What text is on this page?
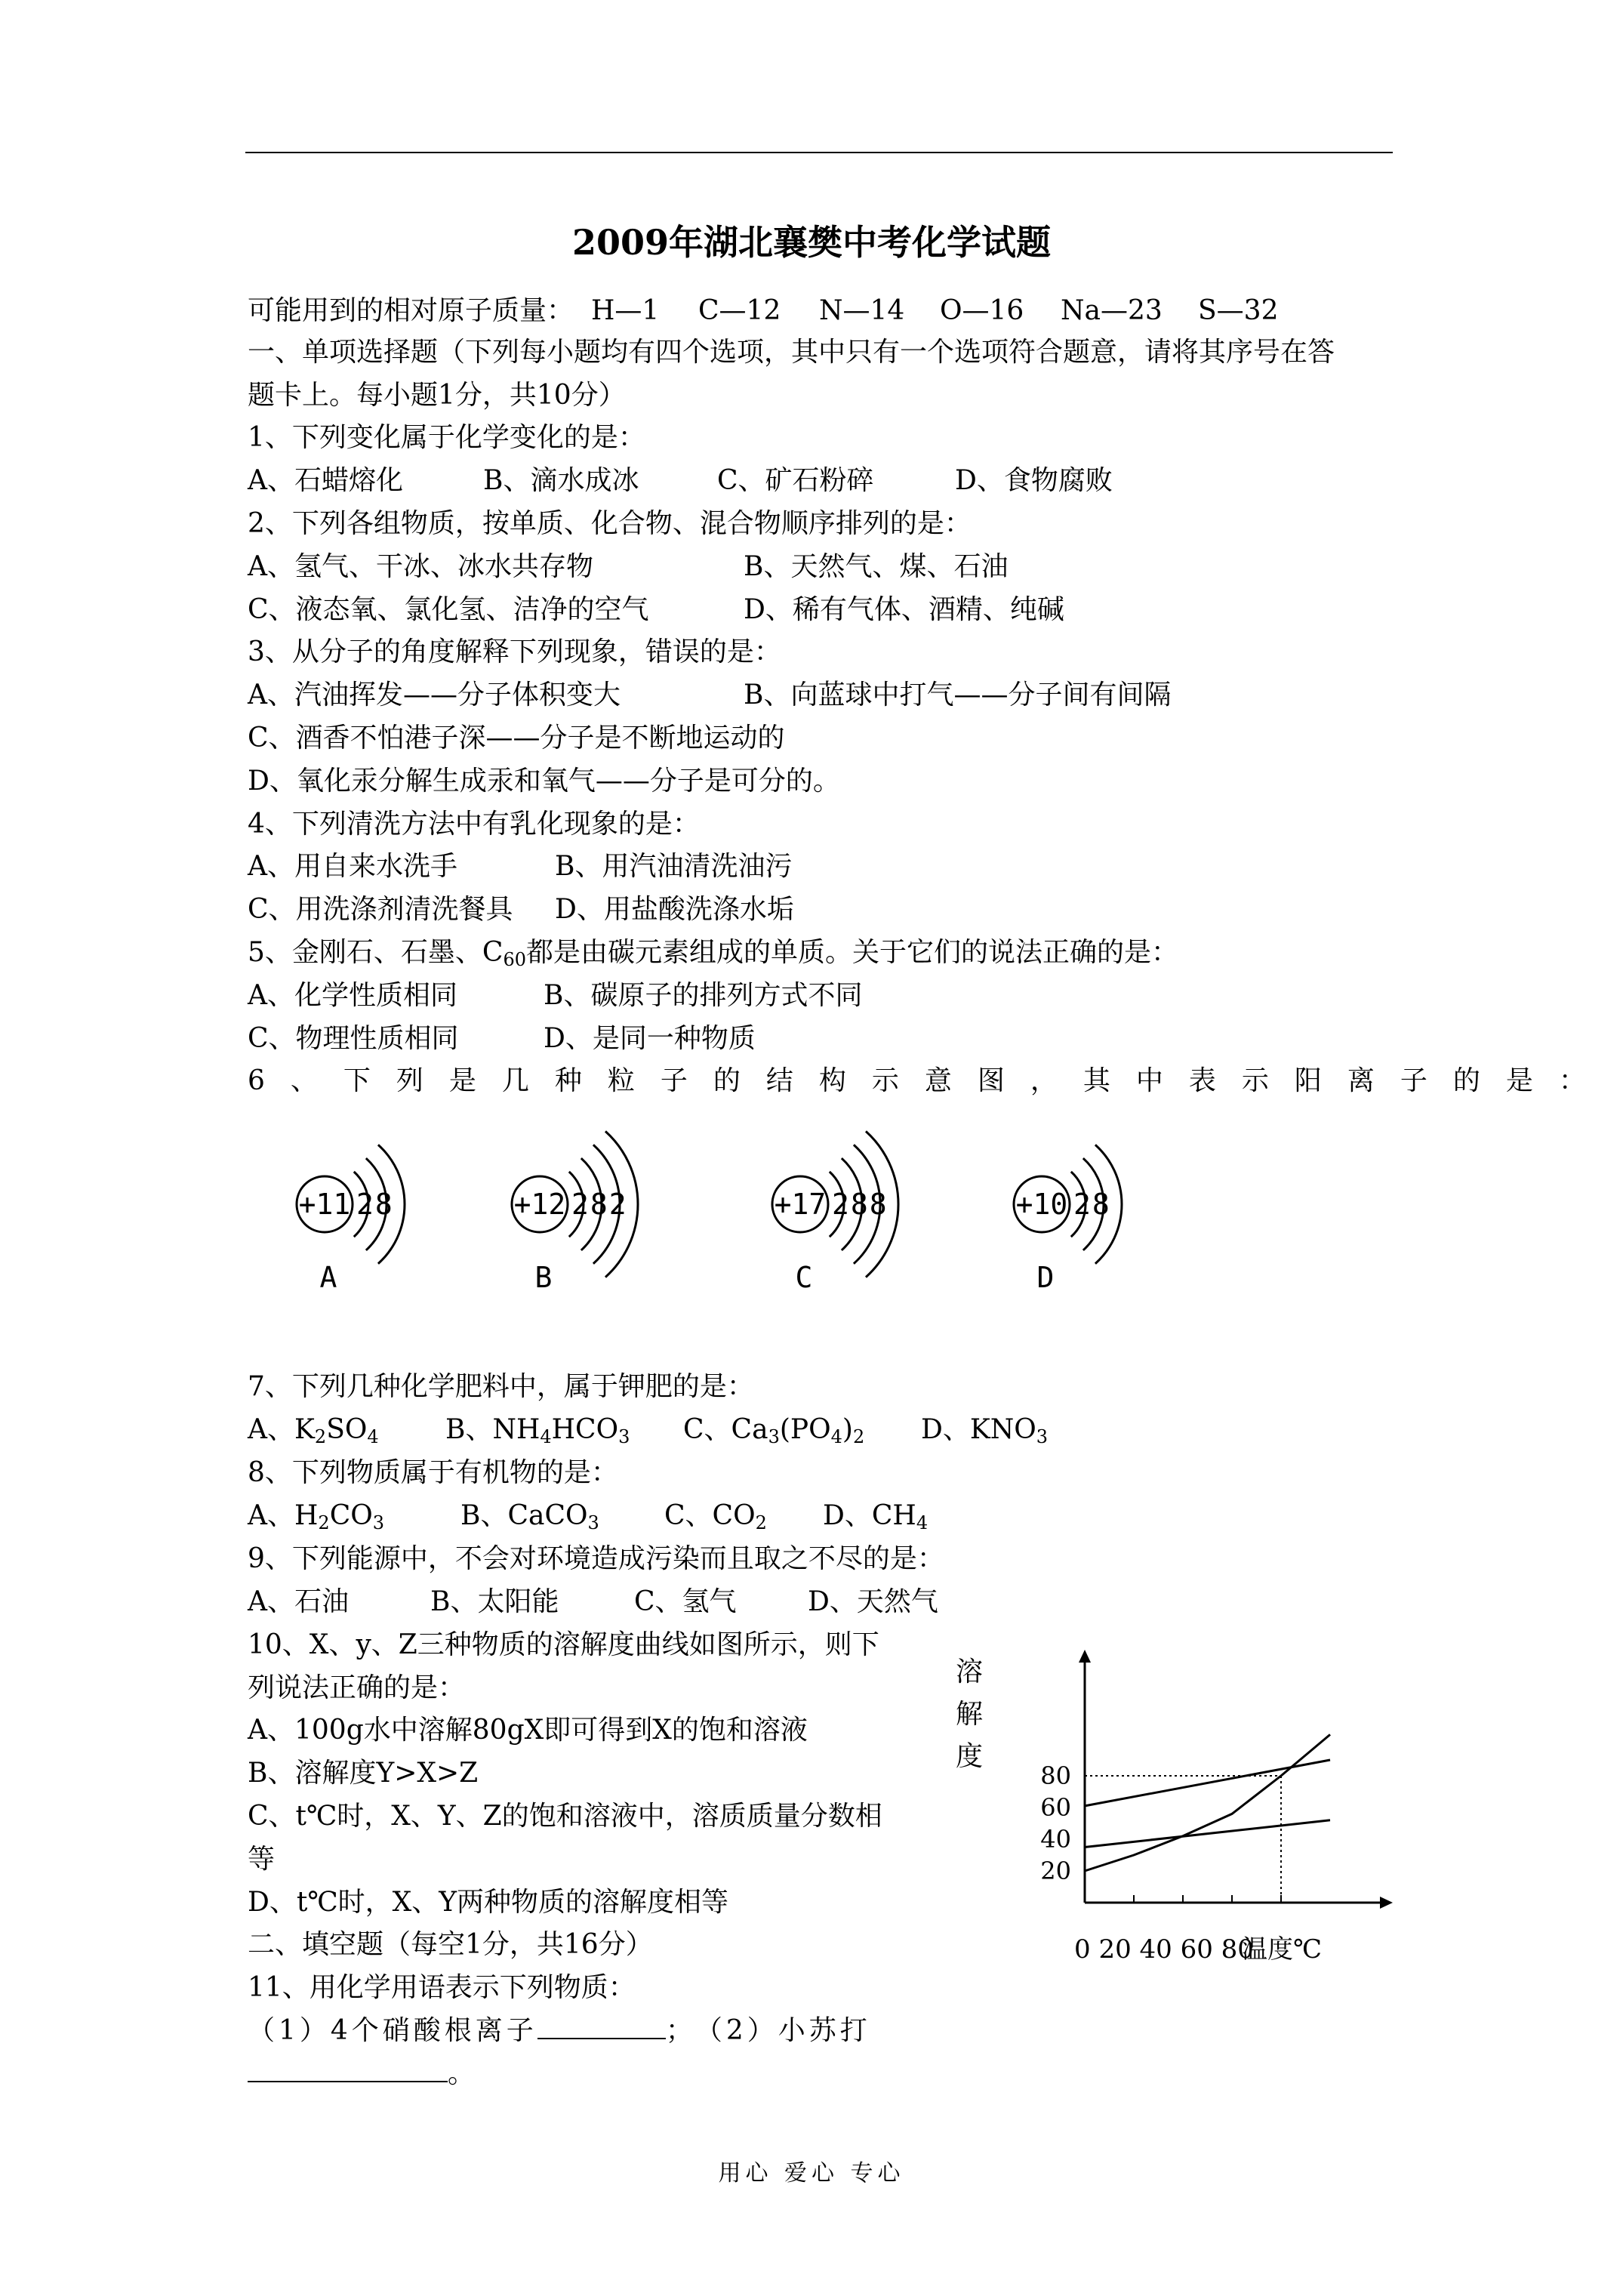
2009年湖北襄樊中考化学试题
可能用到的相对原子质量： H—1 C—12 N—14 O—16 Na—23 S—32
一、单项选择题（下列每小题均有四个选项，其中只有一个选项符合题意，请将其序号在答
题卡上。每小题1分，共10分）
1、下列变化属于化学变化的是：
A、石蜡熔化	B、滴水成冰	C、矿石粉碎	D、食物腐败
2、下列各组物质，按单质、化合物、混合物顺序排列的是：
A、氢气、干冰、冰水共存物	B、天然气、煤、石油
C、液态氧、氯化氢、洁净的空气	D、稀有气体、酒精、纯碱
3、从分子的角度解释下列现象，错误的是：
A、汽油挥发——分子体积变大	B、向蓝球中打气——分子间有间隔
C、酒香不怕港子深——分子是不断地运动的
D、氧化汞分解生成汞和氧气——分子是可分的。
4、下列清洗方法中有乳化现象的是：
A、用自来水洗手	B、用汽油清洗油污
C、用洗涤剂清洗餐具 D、用盐酸洗涤水垢
5、金刚石、石墨、$C_{60}$都是由碳元素组成的单质。关于它们的说法正确的是：
A、化学性质相同	B、碳原子的排列方式不同
C、物理性质相同	D、是同一种物质
6、下列是几种粒子的结构示意图，其中表示阳离子的是：
+11 28
A
+12 282
B
+17 288
C
+10 28
D
7、下列几种化学肥料中，属于钾肥的是：
A、$K_2SO_4$ B、$NH_4HCO_3$ C、$Ca_3(PO_4)_2$ D、$KNO_3$
8、下列物质属于有机物的是：
A、$H_2CO_3$	B、CaCO$_3$ C、$CO_2$ D、$CH_4$
9、下列能源中，不会对环境造成污染而且取之不尽的是：
A、石油	B、太阳能	C、氢气	D、天然气
10、X、y、Z三种物质的溶解度曲线如图所示，则下
列说法正确的是：
A、100g水中溶解80gX即可得到X的饱和溶液
B、溶解度Y>X>Z
C、t℃时，X、Y、Z的饱和溶液中，溶质质量分数相
等
D、t℃时，X、Y两种物质的溶解度相等
溶
解
度
20
40
60
80
0 20 40 60 80
温度℃
二、填空题（每空1分，共16分）
11、用化学用语表示下列物质：
（1）4个硝酸根离子	； （2）小苏打
。
用心 爱心 专心
